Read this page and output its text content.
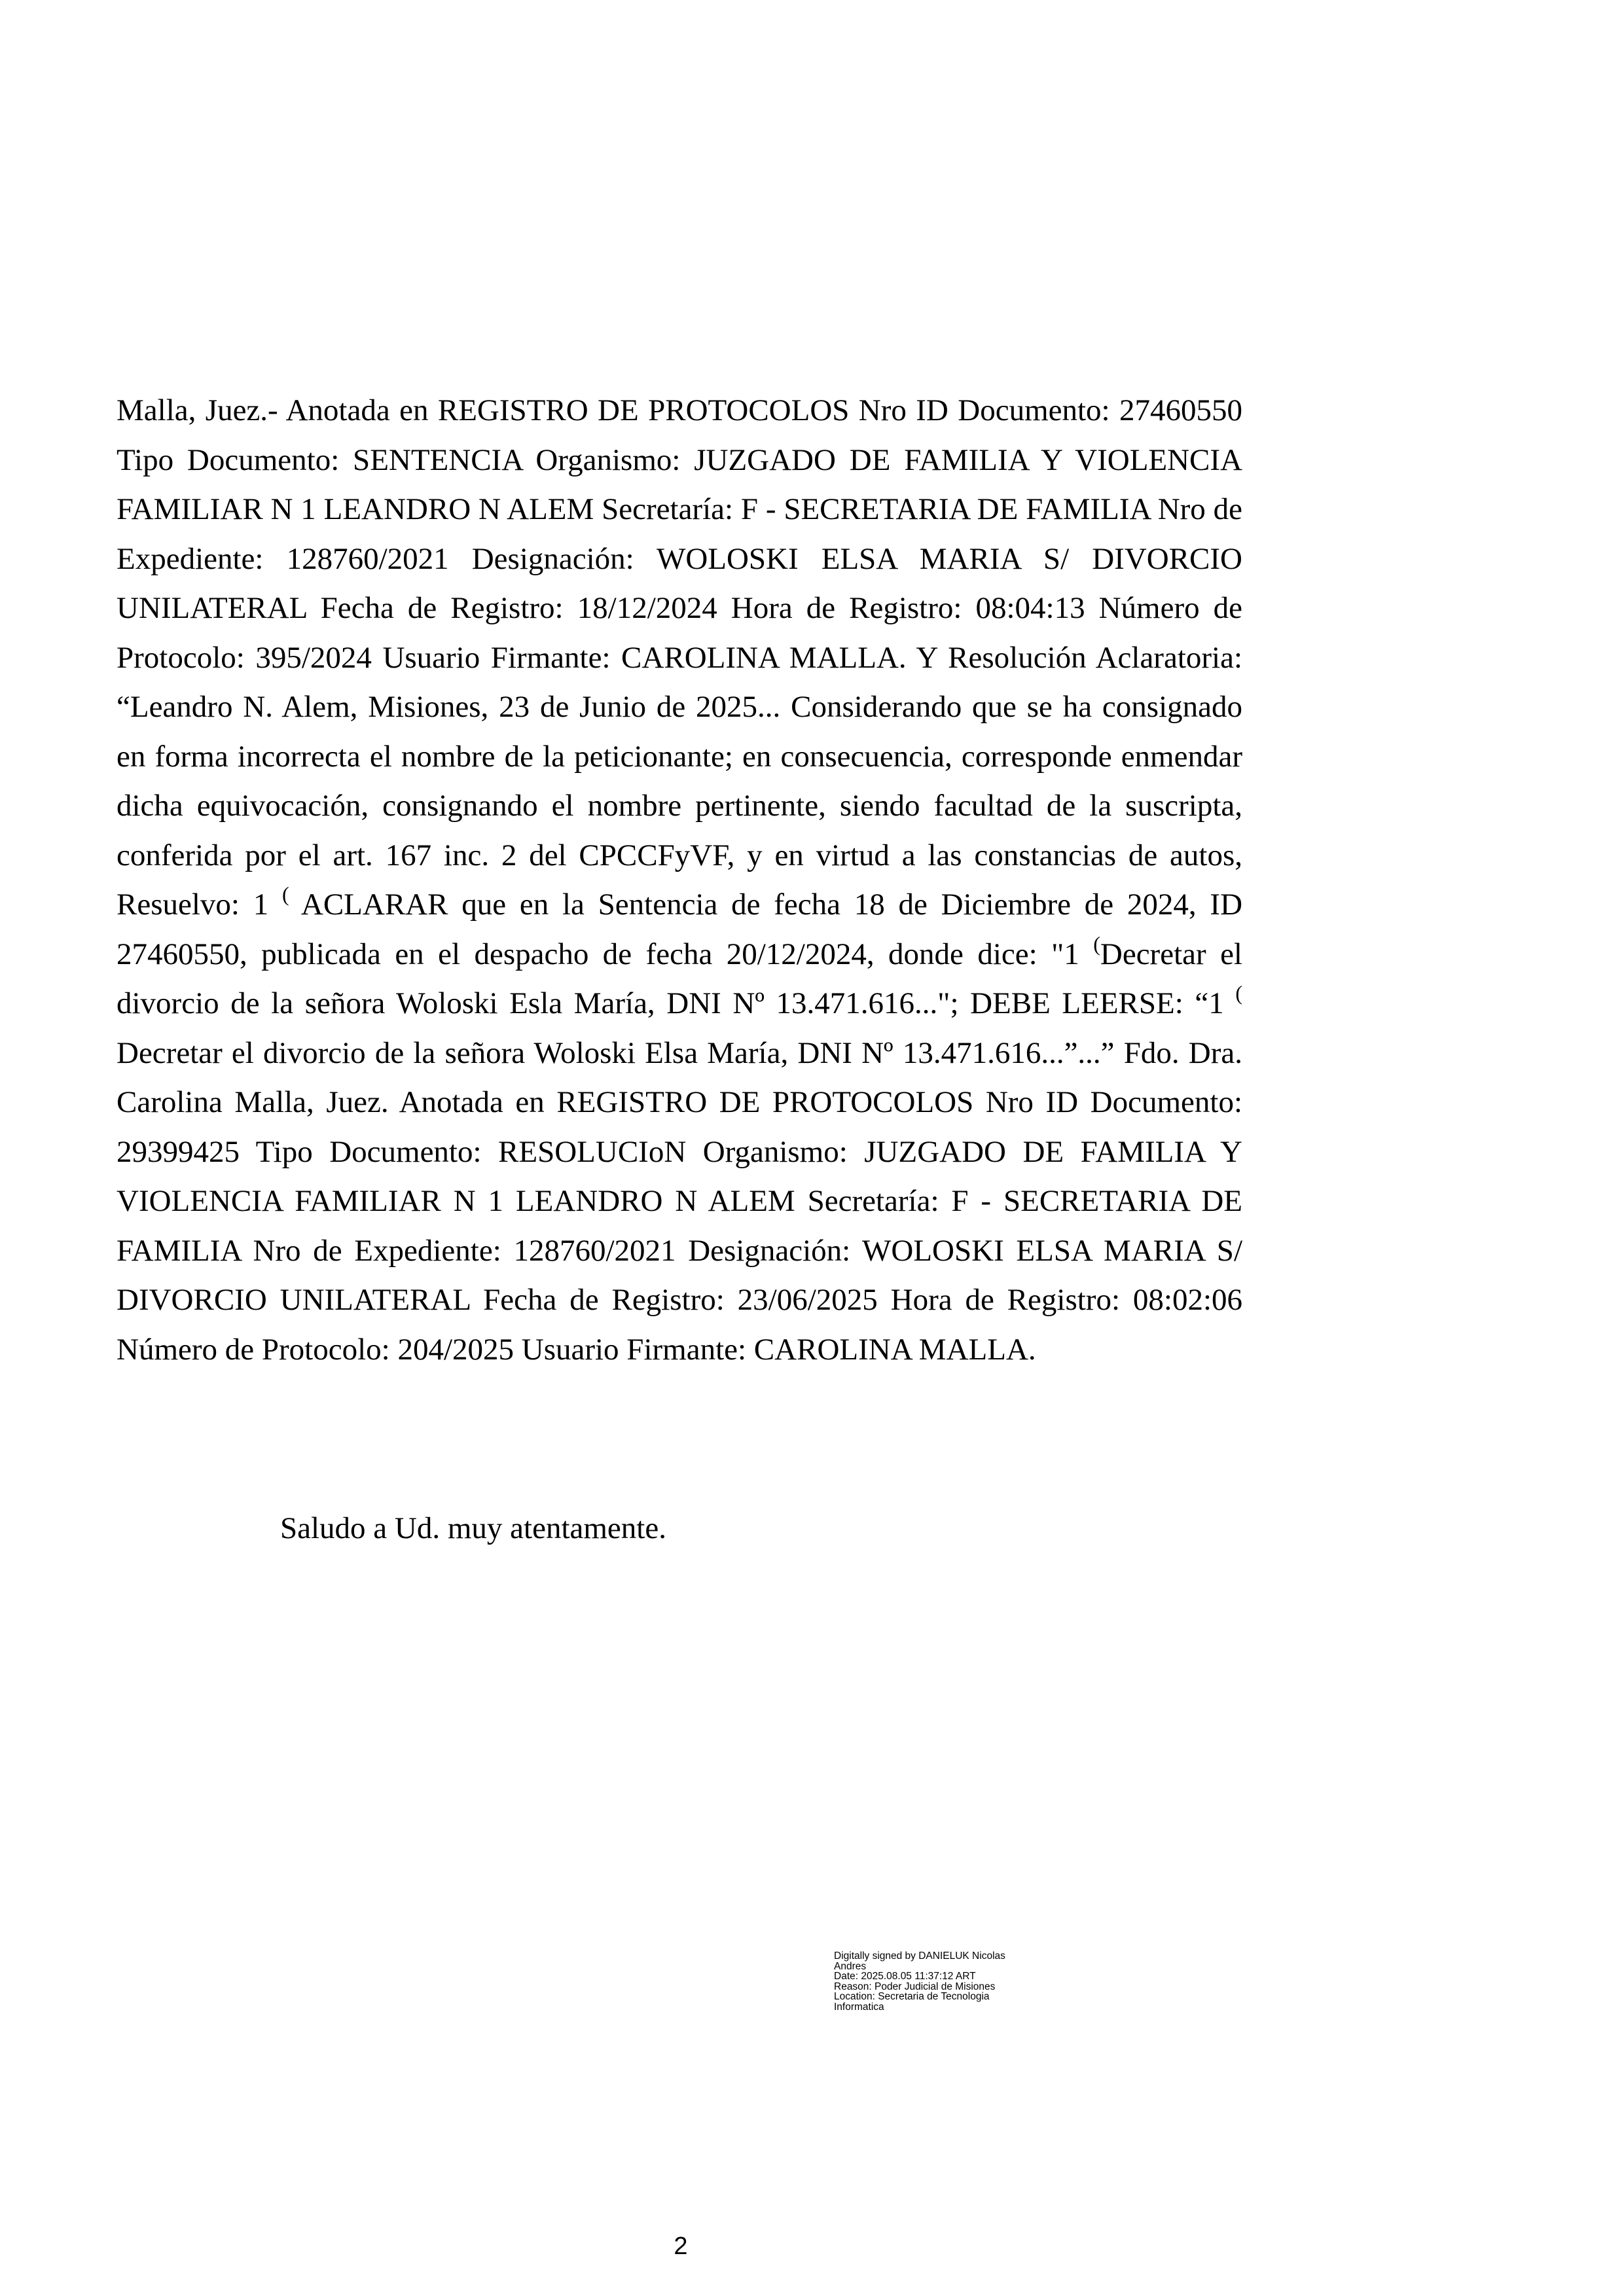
Malla, Juez.- Anotada en REGISTRO DE PROTOCOLOS Nro ID Documento: 27460550 Tipo Documento: SENTENCIA Organismo: JUZGADO DE FAMILIA Y VIOLENCIA FAMILIAR N 1 LEANDRO N ALEM Secretaría: F - SECRETARIA DE FAMILIA Nro de Expediente: 128760/2021 Designación: WOLOSKI ELSA MARIA S/ DIVORCIO UNILATERAL Fecha de Registro: 18/12/2024 Hora de Registro: 08:04:13 Número de Protocolo: 395/2024 Usuario Firmante: CAROLINA MALLA. Y Resolución Aclaratoria: “Leandro N. Alem, Misiones, 23 de Junio de 2025... Considerando que se ha consignado en forma incorrecta el nombre de la peticionante; en consecuencia, corresponde enmendar dicha equivocación, consignando el nombre pertinente, siendo facultad de la suscripta, conferida por el art. 167 inc. 2 del CPCCFyVF, y en virtud a las constancias de autos, Resuelvo: 1 ( ACLARAR que en la Sentencia de fecha 18 de Diciembre de 2024, ID 27460550, publicada en el despacho de fecha 20/12/2024, donde dice: "1 (Decretar el divorcio de la señora Woloski Esla María, DNI Nº 13.471.616..."; DEBE LEERSE: “1 ( Decretar el divorcio de la señora Woloski Elsa María, DNI Nº 13.471.616...”...” Fdo. Dra. Carolina Malla, Juez. Anotada en REGISTRO DE PROTOCOLOS Nro ID Documento: 29399425 Tipo Documento: RESOLUCIoN Organismo: JUZGADO DE FAMILIA Y VIOLENCIA FAMILIAR N 1 LEANDRO N ALEM Secretaría: F - SECRETARIA DE FAMILIA Nro de Expediente: 128760/2021 Designación: WOLOSKI ELSA MARIA S/ DIVORCIO UNILATERAL Fecha de Registro: 23/06/2025 Hora de Registro: 08:02:06 Número de Protocolo: 204/2025 Usuario Firmante: CAROLINA MALLA.

Saludo a Ud. muy atentamente.

Digitally signed by DANIELUK Nicolas
Andres
Date: 2025.08.05 11:37:12 ART
Reason: Poder Judicial de Misiones
Location: Secretaria de Tecnologia
Informatica
2
